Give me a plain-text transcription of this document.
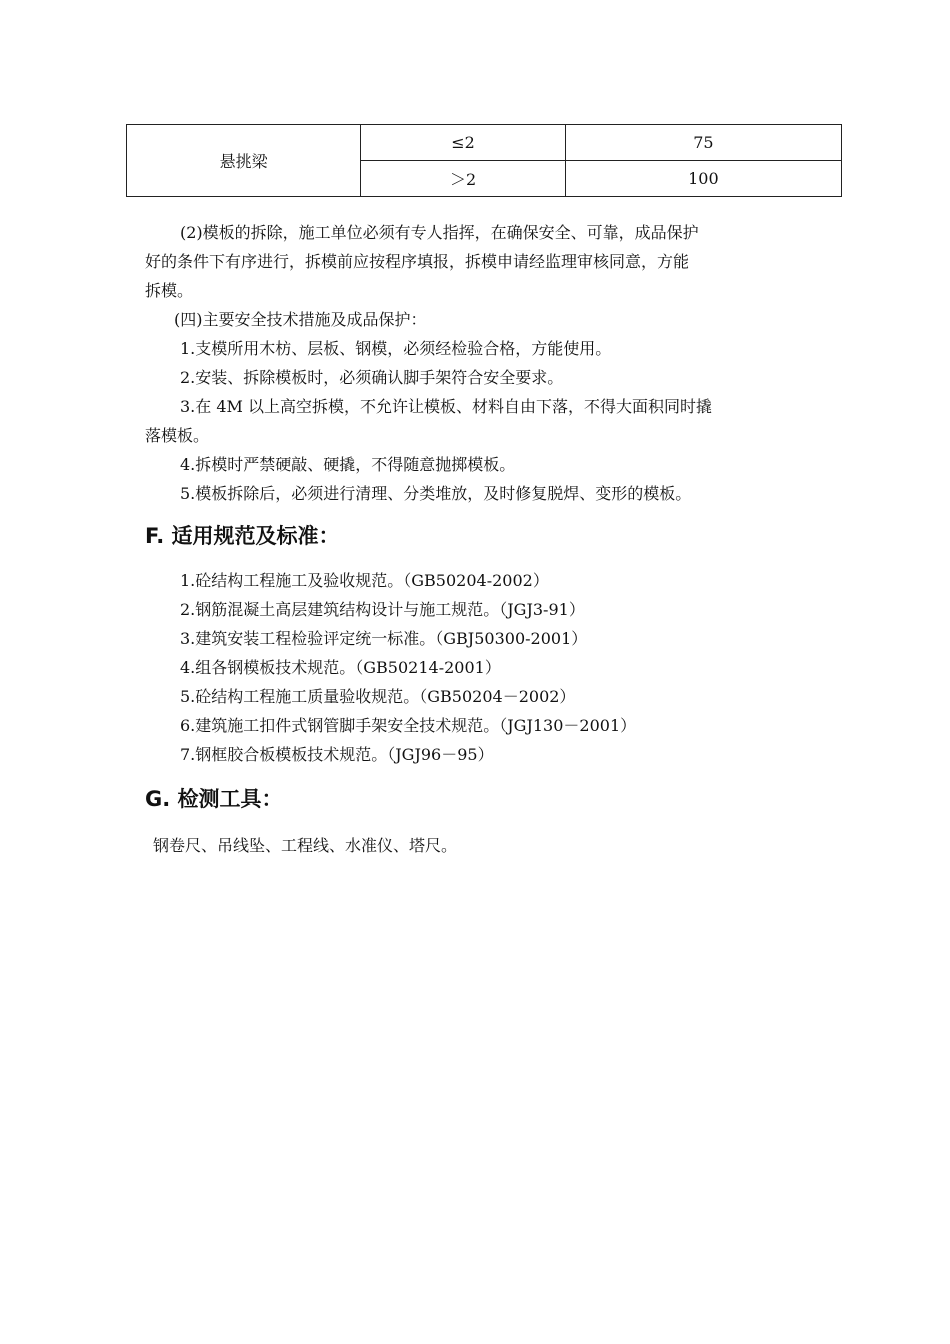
悬挑梁	≤2	75
	＞2	100
(2)模板的拆除，施工单位必须有专人指挥，在确保安全、可靠，成品保护
好的条件下有序进行，拆模前应按程序填报，拆模申请经监理审核同意，方能
拆模。
(四)主要安全技术措施及成品保护：
1.支模所用木枋、层板、钢模，必须经检验合格，方能使用。
2.安装、拆除模板时，必须确认脚手架符合安全要求。
3.在 4M 以上高空拆模，不允许让模板、材料自由下落，不得大面积同时撬
落模板。
4.拆模时严禁硬敲、硬撬，不得随意抛掷模板。
5.模板拆除后，必须进行清理、分类堆放，及时修复脱焊、变形的模板。
F. 适用规范及标准：
1.砼结构工程施工及验收规范。（GB50204-2002）
2.钢筋混凝土高层建筑结构设计与施工规范。（JGJ3-91）
3.建筑安装工程检验评定统一标准。（GBJ50300-2001）
4.组各钢模板技术规范。（GB50214-2001）
5.砼结构工程施工质量验收规范。（GB50204－2002）
6.建筑施工扣件式钢管脚手架安全技术规范。（JGJ130－2001）
7.钢框胶合板模板技术规范。（JGJ96－95）
G. 检测工具：
钢卷尺、吊线坠、工程线、水准仪、塔尺。
